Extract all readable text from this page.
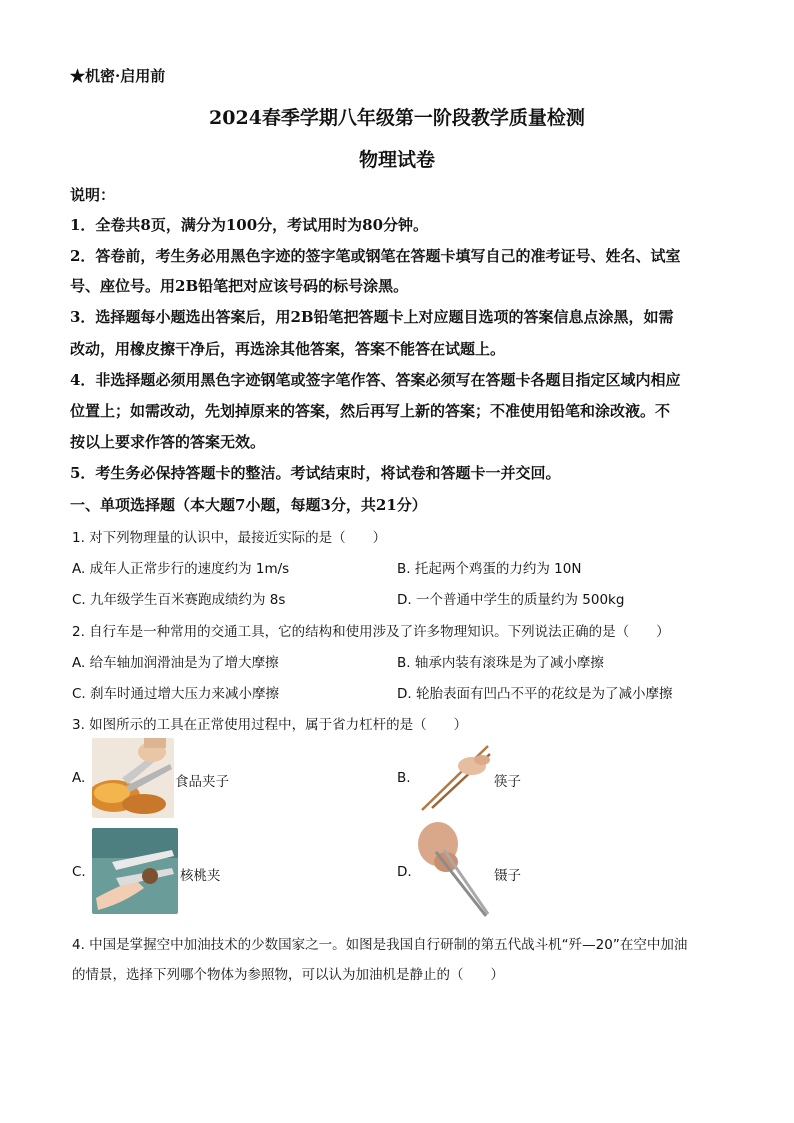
★机密·启用前
2024春季学期八年级第一阶段教学质量检测
物理试卷
说明：
1．全卷共8页，满分为100分，考试用时为80分钟。
2．答卷前，考生务必用黑色字迹的签字笔或钢笔在答题卡填写自己的准考证号、姓名、试室
号、座位号。用2B铅笔把对应该号码的标号涂黑。
3．选择题每小题选出答案后，用2B铅笔把答题卡上对应题目选项的答案信息点涂黑，如需
改动，用橡皮擦干净后，再选涂其他答案，答案不能答在试题上。
4．非选择题必须用黑色字迹钢笔或签字笔作答、答案必须写在答题卡各题目指定区域内相应
位置上；如需改动，先划掉原来的答案，然后再写上新的答案；不准使用铅笔和涂改液。不
按以上要求作答的答案无效。
5．考生务必保持答题卡的整洁。考试结束时，将试卷和答题卡一并交回。
一、单项选择题（本大题7小题，每题3分，共21分）
1. 对下列物理量的认识中，最接近实际的是（　　）
A. 成年人正常步行的速度约为 1m/s	B. 托起两个鸡蛋的力约为 10N
C. 九年级学生百米赛跑成绩约为 8s	D. 一个普通中学生的质量约为 500kg
2. 自行车是一种常用的交通工具，它的结构和使用涉及了许多物理知识。下列说法正确的是（　　）
A. 给车轴加润滑油是为了增大摩擦	B. 轴承内装有滚珠是为了减小摩擦
C. 刹车时通过增大压力来减小摩擦	D. 轮胎表面有凹凸不平的花纹是为了减小摩擦
3. 如图所示的工具在正常使用过程中，属于省力杠杆的是（　　）
A.	食品夹子	B.	筷子
C.	核桃夹	D.	镊子
4. 中国是掌握空中加油技术的少数国家之一。如图是我国自行研制的第五代战斗机“歼—20”在空中加油
的情景，选择下列哪个物体为参照物，可以认为加油机是静止的（　　）
